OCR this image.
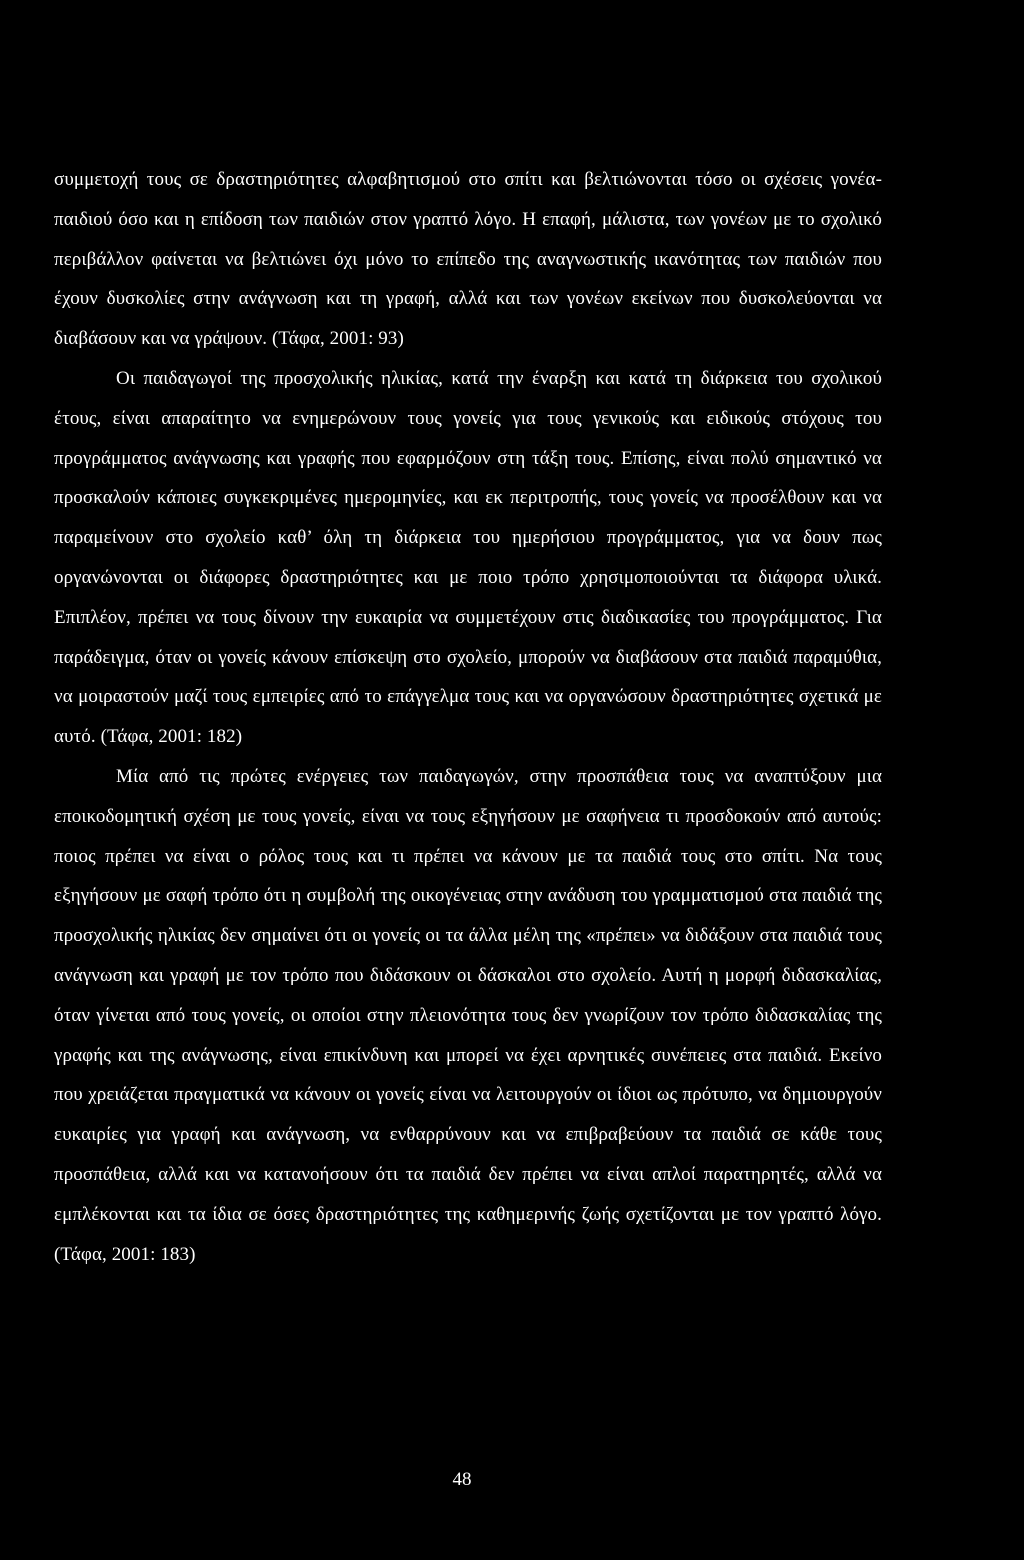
συμμετοχή τους σε δραστηριότητες αλφαβητισμού στο σπίτι και βελτιώνονται τόσο οι σχέσεις γονέα-παιδιού όσο και η επίδοση των παιδιών στον γραπτό λόγο. Η επαφή, μάλιστα, των γονέων με το σχολικό περιβάλλον φαίνεται να βελτιώνει όχι μόνο το επίπεδο της αναγνωστικής ικανότητας των παιδιών που έχουν δυσκολίες στην ανάγνωση και τη γραφή, αλλά και των γονέων εκείνων που δυσκολεύονται να διαβάσουν και να γράψουν. (Τάφα, 2001: 93)

Οι παιδαγωγοί της προσχολικής ηλικίας, κατά την έναρξη και κατά τη διάρκεια του σχολικού έτους, είναι απαραίτητο να ενημερώνουν τους γονείς για τους γενικούς και ειδικούς στόχους του προγράμματος ανάγνωσης και γραφής που εφαρμόζουν στη τάξη τους. Επίσης, είναι πολύ σημαντικό να προσκαλούν κάποιες συγκεκριμένες ημερομηνίες, και εκ περιτροπής, τους γονείς να προσέλθουν και να παραμείνουν στο σχολείο καθ’ όλη τη διάρκεια του ημερήσιου προγράμματος, για να δουν πως οργανώνονται οι διάφορες δραστηριότητες και με ποιο τρόπο χρησιμοποιούνται τα διάφορα υλικά. Επιπλέον, πρέπει να τους δίνουν την ευκαιρία να συμμετέχουν στις διαδικασίες του προγράμματος. Για παράδειγμα, όταν οι γονείς κάνουν επίσκεψη στο σχολείο, μπορούν να διαβάσουν στα παιδιά παραμύθια, να μοιραστούν μαζί τους εμπειρίες από το επάγγελμα τους και να οργανώσουν δραστηριότητες σχετικά με αυτό. (Τάφα, 2001: 182)

Μία από τις πρώτες ενέργειες των παιδαγωγών, στην προσπάθεια τους να αναπτύξουν μια εποικοδομητική σχέση με τους γονείς, είναι να τους εξηγήσουν με σαφήνεια τι προσδοκούν από αυτούς: ποιος πρέπει να είναι ο ρόλος τους και τι πρέπει να κάνουν με τα παιδιά τους στο σπίτι. Να τους εξηγήσουν με σαφή τρόπο ότι η συμβολή της οικογένειας στην ανάδυση του γραμματισμού στα παιδιά της προσχολικής ηλικίας δεν σημαίνει ότι οι γονείς οι τα άλλα μέλη της «πρέπει» να διδάξουν στα παιδιά τους ανάγνωση και γραφή με τον τρόπο που διδάσκουν οι δάσκαλοι στο σχολείο. Αυτή η μορφή διδασκαλίας, όταν γίνεται από τους γονείς, οι οποίοι στην πλειονότητα τους δεν γνωρίζουν τον τρόπο διδασκαλίας της γραφής και της ανάγνωσης, είναι επικίνδυνη και μπορεί να έχει αρνητικές συνέπειες στα παιδιά. Εκείνο που χρειάζεται πραγματικά να κάνουν οι γονείς είναι να λειτουργούν οι ίδιοι ως πρότυπο, να δημιουργούν ευκαιρίες για γραφή και ανάγνωση, να ενθαρρύνουν και να επιβραβεύουν τα παιδιά σε κάθε τους προσπάθεια, αλλά και να κατανοήσουν ότι τα παιδιά δεν πρέπει να είναι απλοί παρατηρητές, αλλά να εμπλέκονται και τα ίδια σε όσες δραστηριότητες της καθημερινής ζωής σχετίζονται με τον γραπτό λόγο. (Τάφα, 2001: 183)

48
